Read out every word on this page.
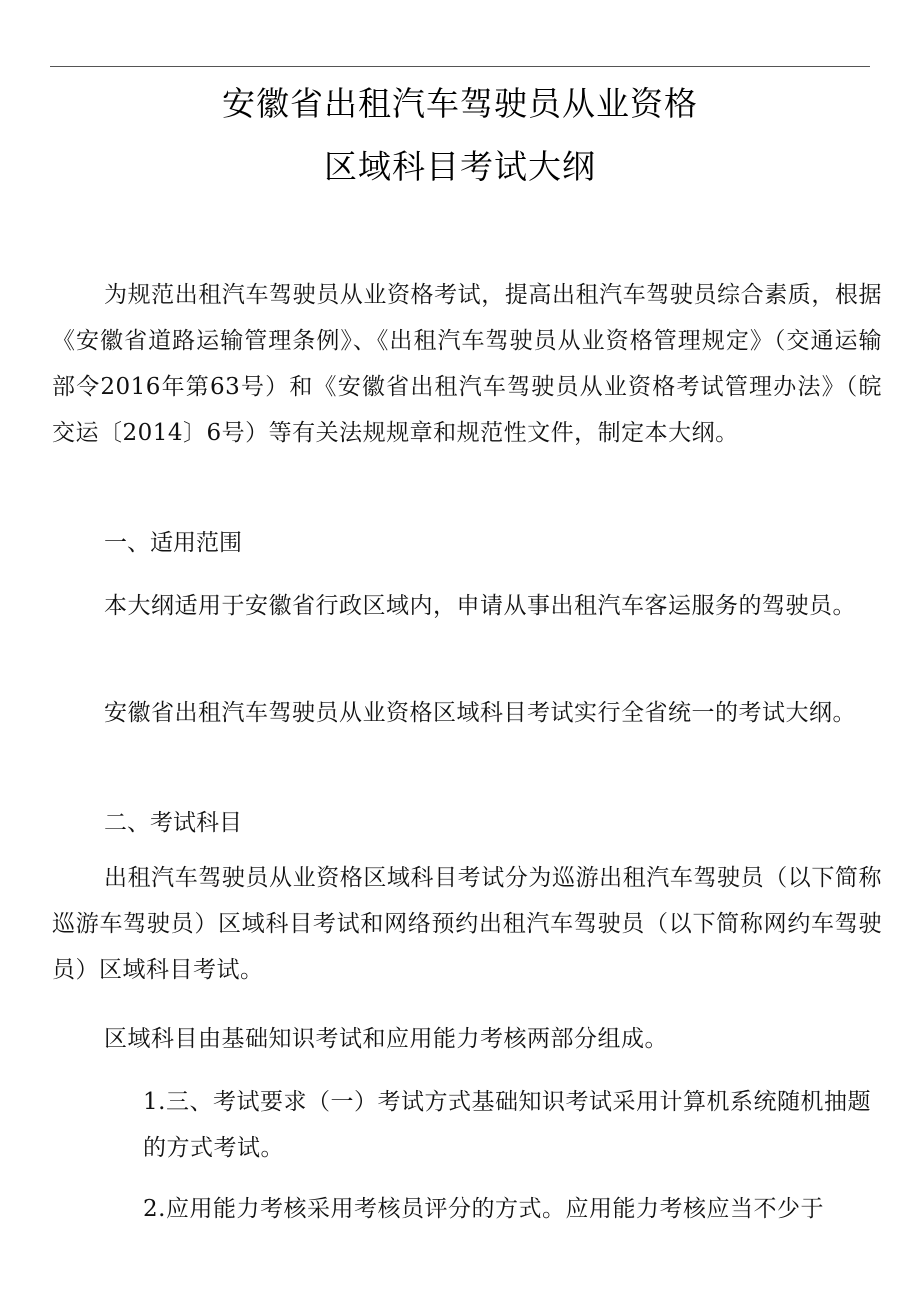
安徽省出租汽车驾驶员从业资格
区域科目考试大纲

为规范出租汽车驾驶员从业资格考试，提高出租汽车驾驶员综合素质，根据《安徽省道路运输管理条例》、《出租汽车驾驶员从业资格管理规定》（交通运输部令2016年第63号）和《安徽省出租汽车驾驶员从业资格考试管理办法》（皖交运〔2014〕6号）等有关法规规章和规范性文件，制定本大纲。

一、适用范围

本大纲适用于安徽省行政区域内，申请从事出租汽车客运服务的驾驶员。

安徽省出租汽车驾驶员从业资格区域科目考试实行全省统一的考试大纲。

二、考试科目

出租汽车驾驶员从业资格区域科目考试分为巡游出租汽车驾驶员（以下简称巡游车驾驶员）区域科目考试和网络预约出租汽车驾驶员（以下简称网约车驾驶员）区域科目考试。

区域科目由基础知识考试和应用能力考核两部分组成。

1.三、考试要求（一）考试方式基础知识考试采用计算机系统随机抽题的方式考试。

2.应用能力考核采用考核员评分的方式。应用能力考核应当不少于
